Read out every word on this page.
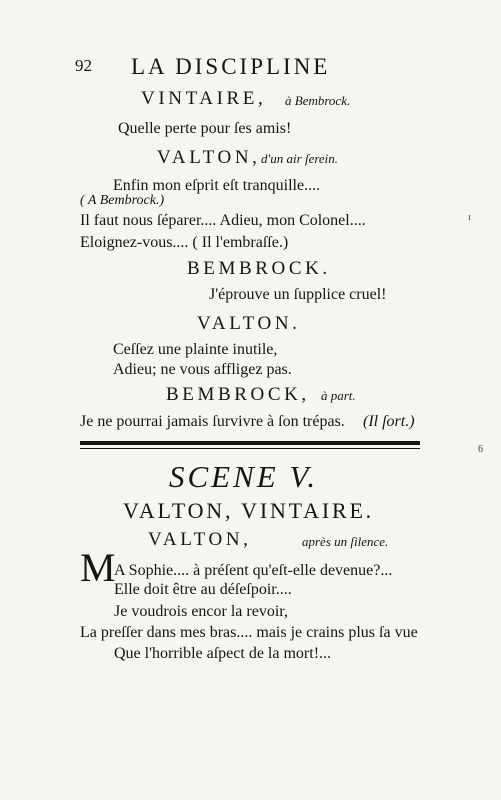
92 LA DISCIPLINE
VINTAIRE, à Bembrock.
Quelle perte pour ſes amis!
VALTON, d'un air ſerein.
Enfin mon eſprit eſt tranquille....
( A Bembrock.)
Il faut nous ſéparer.... Adieu, mon Colonel....
Eloignez-vous.... ( Il l'embraſſe.)
BEMBROCK.
J'éprouve un ſupplice cruel!
VALTON.
Ceſſez une plainte inutile,
Adieu; ne vous affligez pas.
BEMBROCK, à part.
Je ne pourrai jamais ſurvivre à ſon trépas. (Il ſort.)
SCENE V.
VALTON, VINTAIRE.
VALTON,	après un ſilence.
M
A Sophie.... à préſent qu'eſt-elle devenue?...
Elle doit être au déſeſpoir....
Je voudrois encor la revoir,
La preſſer dans mes bras.... mais je crains plus ſa vue
Que l'horrible aſpect de la mort!...
ı
6
